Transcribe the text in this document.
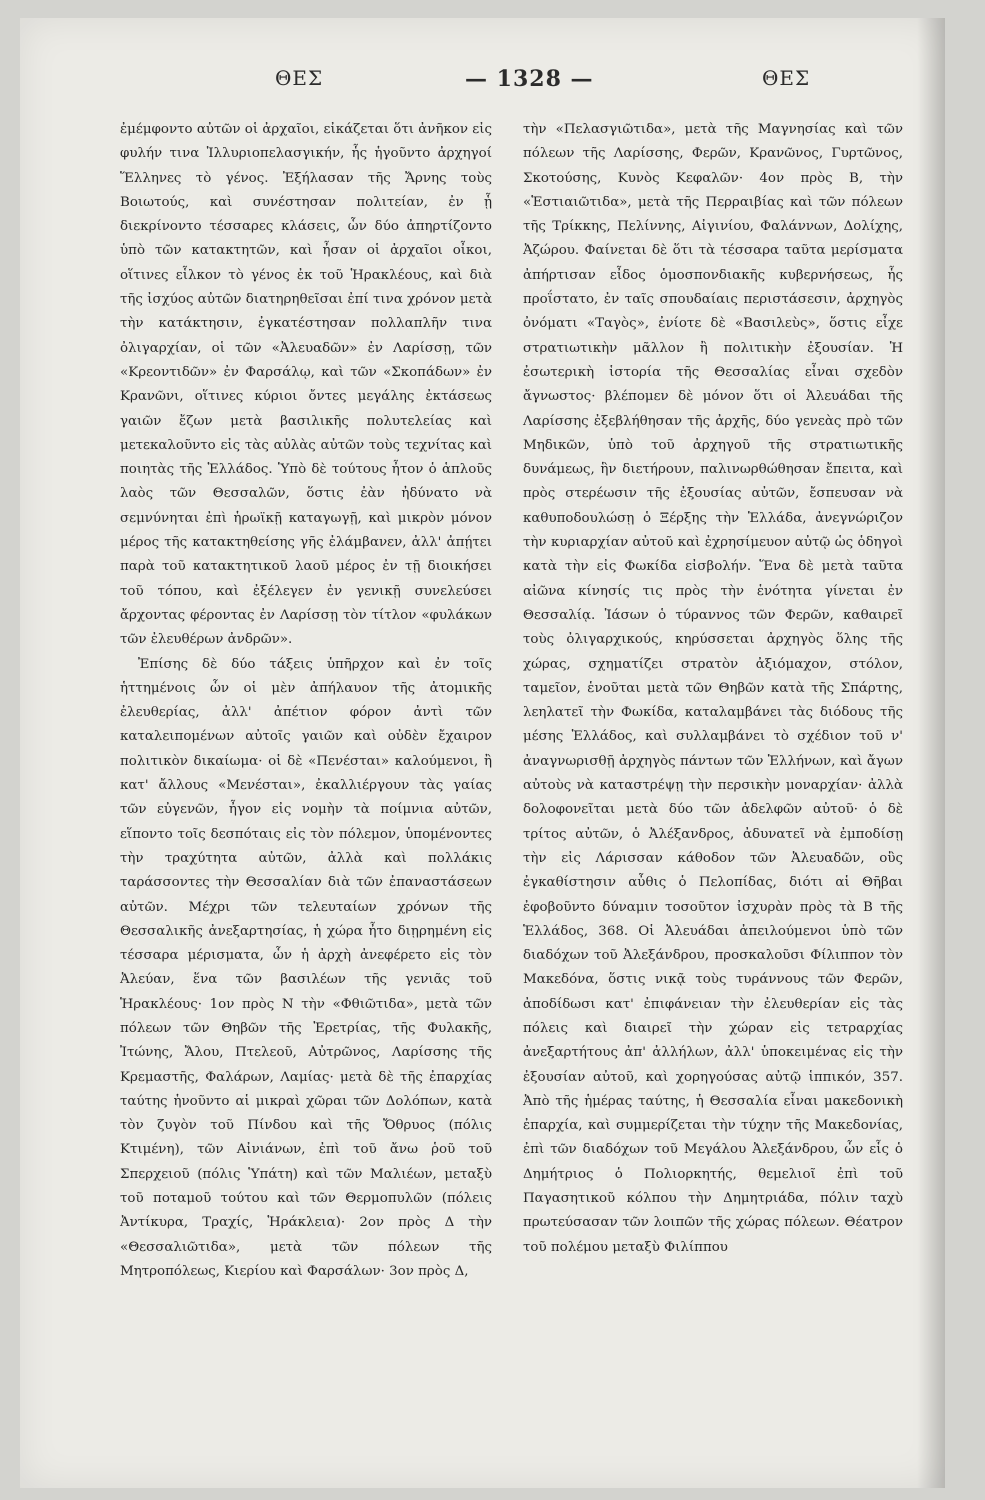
ΘΕΣ	— 1328 —	ΘΕΣ

ἐμέμφοντο αὐτῶν οἱ ἀρχαῖοι, εἰκάζεται ὅτι ἀνῆκον εἰς φυλήν τινα Ἰλλυριοπελασγικήν, ἧς ἡγοῦντο ἀρχηγοί Ἕλληνες τὸ γένος. Ἐξήλασαν τῆς Ἄρνης τοὺς Βοιωτούς, καὶ συνέστησαν πολιτείαν, ἐν ᾗ διεκρίνοντο τέσσαρες κλάσεις, ὧν δύο ἀπηρτίζοντο ὑπὸ τῶν κατακτητῶν, καὶ ἦσαν οἱ ἀρχαῖοι οἶκοι, οἵτινες εἷλκον τὸ γένος ἐκ τοῦ Ἡρακλέους, καὶ διὰ τῆς ἰσχύος αὐτῶν διατηρηθεῖσαι ἐπί τινα χρόνον μετὰ τὴν κατάκτησιν, ἐγκατέστησαν πολλαπλῆν τινα ὀλιγαρχίαν, οἱ τῶν «Ἀλευαδῶν» ἐν Λαρίσσῃ, τῶν «Κρεοντιδῶν» ἐν Φαρσάλῳ, καὶ τῶν «Σκοπάδων» ἐν Κρανῶνι, οἵτινες κύριοι ὄντες μεγάλης ἐκτάσεως γαιῶν ἔζων μετὰ βασιλικῆς πολυτελείας καὶ μετεκαλοῦντο εἰς τὰς αὐλὰς αὐτῶν τοὺς τεχνίτας καὶ ποιητὰς τῆς Ἑλλάδος. Ὑπὸ δὲ τούτους ἦτον ὁ ἁπλοῦς λαὸς τῶν Θεσσαλῶν, ὅστις ἐὰν ἠδύνατο νὰ σεμνύνηται ἐπὶ ἡρωϊκῇ καταγωγῇ, καὶ μικρὸν μόνον μέρος τῆς κατακτηθείσης γῆς ἐλάμβανεν, ἀλλ' ἀπῄτει παρὰ τοῦ κατακτητικοῦ λαοῦ μέρος ἐν τῇ διοικήσει τοῦ τόπου, καὶ ἐξέλεγεν ἐν γενικῇ συνελεύσει ἄρχοντας φέροντας ἐν Λαρίσσῃ τὸν τίτλον «φυλάκων τῶν ἐλευθέρων ἀνδρῶν».

Ἐπίσης δὲ δύο τάξεις ὑπῆρχον καὶ ἐν τοῖς ἡττημένοις ὧν οἱ μὲν ἀπήλαυον τῆς ἀτομικῆς ἐλευθερίας, ἀλλ' ἀπέτιον φόρον ἀντὶ τῶν καταλειπομένων αὐτοῖς γαιῶν καὶ οὐδὲν ἔχαιρον πολιτικὸν δικαίωμα· οἱ δὲ «Πενέσται» καλούμενοι, ἢ κατ' ἄλλους «Μενέσται», ἐκαλλιέργουν τὰς γαίας τῶν εὐγενῶν, ἦγον εἰς νομὴν τὰ ποίμνια αὐτῶν, εἵποντο τοῖς δεσπόταις εἰς τὸν πόλεμον, ὑπομένοντες τὴν τραχύτητα αὐτῶν, ἀλλὰ καὶ πολλάκις ταράσσοντες τὴν Θεσσαλίαν διὰ τῶν ἐπαναστάσεων αὐτῶν. Μέχρι τῶν τελευταίων χρόνων τῆς Θεσσαλικῆς ἀνεξαρτησίας, ἡ χώρα ἦτο διῃρημένη εἰς τέσσαρα μέρισματα, ὧν ἡ ἀρχὴ ἀνεφέρετο εἰς τὸν Ἀλεύαν, ἕνα τῶν βασιλέων τῆς γενιᾶς τοῦ Ἡρακλέους· 1ον πρὸς Ν τὴν «Φθιῶτιδα», μετὰ τῶν πόλεων τῶν Θηβῶν τῆς Ἐρετρίας, τῆς Φυλακῆς, Ἰτώνης, Ἄλου, Πτελεοῦ, Αὐτρῶνος, Λαρίσσης τῆς Κρεμαστῆς, Φαλάρων, Λαμίας· μετὰ δὲ τῆς ἐπαρχίας ταύτης ἡνοῦντο αἱ μικραὶ χῶραι τῶν Δολόπων, κατὰ τὸν ζυγὸν τοῦ Πίνδου καὶ τῆς Ὄθρυος (πόλις Κτιμένη), τῶν Αἰνιάνων, ἐπὶ τοῦ ἄνω ῥοῦ τοῦ Σπερχειοῦ (πόλις Ὑπάτη) καὶ τῶν Μαλιέων, μεταξὺ τοῦ ποταμοῦ τούτου καὶ τῶν Θερμοπυλῶν (πόλεις Ἀντίκυρα, Τραχίς, Ἡράκλεια)· 2ον πρὸς Δ τὴν «Θεσσαλιῶτιδα», μετὰ τῶν πόλεων τῆς Μητροπόλεως, Κιερίου καὶ Φαρσάλων· 3ον πρὸς Δ,

τὴν «Πελασγιῶτιδα», μετὰ τῆς Μαγνησίας καὶ τῶν πόλεων τῆς Λαρίσσης, Φερῶν, Κρανῶνος, Γυρτῶνος, Σκοτούσης, Κυνὸς Κεφαλῶν· 4ον πρὸς Β, τὴν «Ἑστιαιῶτιδα», μετὰ τῆς Περραιβίας καὶ τῶν πόλεων τῆς Τρίκκης, Πελίννης, Αἰγινίου, Φαλάννων, Δολίχης, Ἀζώρου. Φαίνεται δὲ ὅτι τὰ τέσσαρα ταῦτα μερίσματα ἀπήρτισαν εἶδος ὁμοσπονδιακῆς κυβερνήσεως, ἧς προΐστατο, ἐν ταῖς σπουδαίαις περιστάσεσιν, ἀρχηγὸς ὀνόματι «Ταγὸς», ἐνίοτε δὲ «Βασιλεὺς», ὅστις εἶχε στρατιωτικὴν μᾶλλον ἢ πολιτικὴν ἐξουσίαν. Ἡ ἐσωτερικὴ ἱστορία τῆς Θεσσαλίας εἶναι σχεδὸν ἄγνωστος· βλέπομεν δὲ μόνον ὅτι οἱ Ἀλευάδαι τῆς Λαρίσσης ἐξεβλήθησαν τῆς ἀρχῆς, δύο γενεὰς πρὸ τῶν Μηδικῶν, ὑπὸ τοῦ ἀρχηγοῦ τῆς στρατιωτικῆς δυνάμεως, ἣν διετήρουν, παλινωρθώθησαν ἔπειτα, καὶ πρὸς στερέωσιν τῆς ἐξουσίας αὐτῶν, ἔσπευσαν νὰ καθυποδουλώσῃ ὁ Ξέρξης τὴν Ἑλλάδα, ἀνεγνώριζον τὴν κυριαρχίαν αὐτοῦ καὶ ἐχρησίμευον αὐτῷ ὡς ὁδηγοὶ κατὰ τὴν εἰς Φωκίδα εἰσβολήν. Ἕνα δὲ μετὰ ταῦτα αἰῶνα κίνησίς τις πρὸς τὴν ἑνότητα γίνεται ἐν Θεσσαλίᾳ. Ἰάσων ὁ τύραννος τῶν Φερῶν, καθαιρεῖ τοὺς ὀλιγαρχικούς, κηρύσσεται ἀρχηγὸς ὅλης τῆς χώρας, σχηματίζει στρατὸν ἀξιόμαχον, στόλον, ταμεῖον, ἑνοῦται μετὰ τῶν Θηβῶν κατὰ τῆς Σπάρτης, λεηλατεῖ τὴν Φωκίδα, καταλαμβάνει τὰς διόδους τῆς μέσης Ἑλλάδος, καὶ συλλαμβάνει τὸ σχέδιον τοῦ ν' ἀναγνωρισθῇ ἀρχηγὸς πάντων τῶν Ἑλλήνων, καὶ ἄγων αὐτοὺς νὰ καταστρέψῃ τὴν περσικὴν μοναρχίαν· ἀλλὰ δολοφονεῖται μετὰ δύο τῶν ἀδελφῶν αὐτοῦ· ὁ δὲ τρίτος αὐτῶν, ὁ Ἀλέξανδρος, ἀδυνατεῖ νὰ ἐμποδίσῃ τὴν εἰς Λάρισσαν κάθοδον τῶν Ἀλευαδῶν, οὓς ἐγκαθίστησιν αὖθις ὁ Πελοπίδας, διότι αἱ Θῆβαι ἐφοβοῦντο δύναμιν τοσοῦτον ἰσχυρὰν πρὸς τὰ Β τῆς Ἑλλάδος, 368. Οἱ Ἀλευάδαι ἀπειλούμενοι ὑπὸ τῶν διαδόχων τοῦ Ἀλεξάνδρου, προσκαλοῦσι Φίλιππον τὸν Μακεδόνα, ὅστις νικᾷ τοὺς τυράννους τῶν Φερῶν, ἀποδίδωσι κατ' ἐπιφάνειαν τὴν ἐλευθερίαν εἰς τὰς πόλεις καὶ διαιρεῖ τὴν χώραν εἰς τετραρχίας ἀνεξαρτήτους ἀπ' ἀλλήλων, ἀλλ' ὑποκειμένας εἰς τὴν ἐξουσίαν αὐτοῦ, καὶ χορηγούσας αὐτῷ ἱππικόν, 357. Ἀπὸ τῆς ἡμέρας ταύτης, ἡ Θεσσαλία εἶναι μακεδονικὴ ἐπαρχία, καὶ συμμερίζεται τὴν τύχην τῆς Μακεδονίας, ἐπὶ τῶν διαδόχων τοῦ Μεγάλου Ἀλεξάνδρου, ὧν εἷς ὁ Δημήτριος ὁ Πολιορκητής, θεμελιοῖ ἐπὶ τοῦ Παγασητικοῦ κόλπου τὴν Δημητριάδα, πόλιν ταχὺ πρωτεύσασαν τῶν λοιπῶν τῆς χώρας πόλεων. Θέατρον τοῦ πολέμου μεταξὺ Φιλίππου
